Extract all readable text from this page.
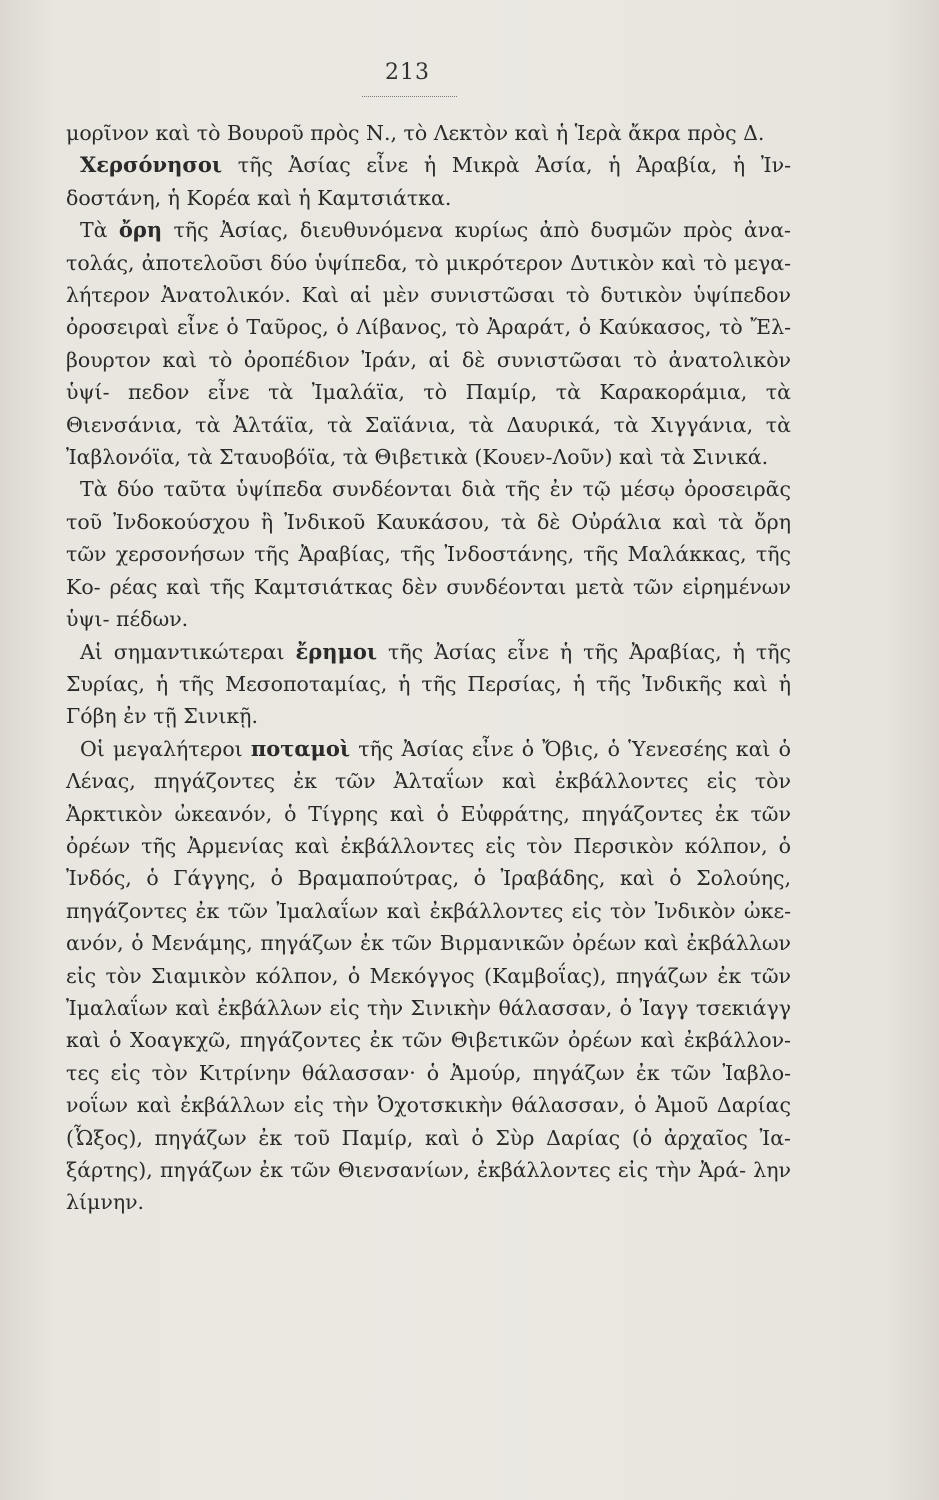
213

μορῖνον καὶ τὸ Βουροῦ πρὸς Ν., τὸ Λεκτὸν καὶ ἡ Ἱερὰ ἄκρα πρὸς Δ.

Χερσόνησοι τῆς Ἀσίας εἶνε ἡ Μικρὰ Ἀσία, ἡ Ἀραβία, ἡ Ἰν- δοστάνη, ἡ Κορέα καὶ ἡ Καμτσιάτκα.

Τὰ ὄρη τῆς Ἀσίας, διευθυνόμενα κυρίως ἀπὸ δυσμῶν πρὸς ἀνα- τολάς, ἀποτελοῦσι δύο ὑψίπεδα, τὸ μικρότερον Δυτικὸν καὶ τὸ μεγα- λήτερον Ἀνατολικόν. Καὶ αἱ μὲν συνιστῶσαι τὸ δυτικὸν ὑψίπεδον ὀροσειραὶ εἶνε ὁ Ταῦρος, ὁ Λίβανος, τὸ Ἀραράτ, ὁ Καύκασος, τὸ Ἔλ- βουρτον καὶ τὸ ὀροπέδιον Ἰράν, αἱ δὲ συνιστῶσαι τὸ ἀνατολικὸν ὑψί- πεδον εἶνε τὰ Ἰμαλάϊα, τὸ Παμίρ, τὰ Καρακοράμια, τὰ Θιενσάνια, τὰ Ἀλτάϊα, τὰ Σαϊάνια, τὰ Δαυρικά, τὰ Χιγγάνια, τὰ Ἰαβλονόϊα, τὰ Σταυοβόϊα, τὰ Θιβετικὰ (Κουεν-Λοῦν) καὶ τὰ Σινικά.

Τὰ δύο ταῦτα ὑψίπεδα συνδέονται διὰ τῆς ἐν τῷ μέσῳ ὀροσειρᾶς τοῦ Ἰνδοκούσχου ἢ Ἰνδικοῦ Καυκάσου, τὰ δὲ Οὐράλια καὶ τὰ ὄρη τῶν χερσονήσων τῆς Ἀραβίας, τῆς Ἰνδοστάνης, τῆς Μαλάκκας, τῆς Κο- ρέας καὶ τῆς Καμτσιάτκας δὲν συνδέονται μετὰ τῶν εἰρημένων ὑψι- πέδων.

Αἱ σημαντικώτεραι ἔρημοι τῆς Ἀσίας εἶνε ἡ τῆς Ἀραβίας, ἡ τῆς Συρίας, ἡ τῆς Μεσοποταμίας, ἡ τῆς Περσίας, ἡ τῆς Ἰνδικῆς καὶ ἡ Γόβη ἐν τῇ Σινικῇ.

Οἱ μεγαλήτεροι ποταμοὶ τῆς Ἀσίας εἶνε ὁ Ὄβις, ὁ Ὑενεσέης καὶ ὁ Λένας, πηγάζοντες ἐκ τῶν Ἀλταΐων καὶ ἐκβάλλοντες εἰς τὸν Ἀρκτικὸν ὠκεανόν, ὁ Τίγρης καὶ ὁ Εὐφράτης, πηγάζοντες ἐκ τῶν ὀρέων τῆς Ἀρμενίας καὶ ἐκβάλλοντες εἰς τὸν Περσικὸν κόλπον, ὁ Ἰνδός, ὁ Γάγγης, ὁ Βραμαπούτρας, ὁ Ἰραβάδης, καὶ ὁ Σολούης, πηγάζοντες ἐκ τῶν Ἰμαλαΐων καὶ ἐκβάλλοντες εἰς τὸν Ἰνδικὸν ὠκε- ανόν, ὁ Μενάμης, πηγάζων ἐκ τῶν Βιρμανικῶν ὀρέων καὶ ἐκβάλλων εἰς τὸν Σιαμικὸν κόλπον, ὁ Μεκόγγος (Καμβοΐας), πηγάζων ἐκ τῶν Ἰμαλαΐων καὶ ἐκβάλλων εἰς τὴν Σινικὴν θάλασσαν, ὁ Ἰαγγ τσεκιάγγ καὶ ὁ Χοαγκχῶ, πηγάζοντες ἐκ τῶν Θιβετικῶν ὀρέων καὶ ἐκβάλλον- τες εἰς τὸν Κιτρίνην θάλασσαν· ὁ Ἀμούρ, πηγάζων ἐκ τῶν Ἰαβλο- νοΐων καὶ ἐκβάλλων εἰς τὴν Ὀχοτσκικὴν θάλασσαν, ὁ Ἀμοῦ Δαρίας (Ὦξος), πηγάζων ἐκ τοῦ Παμίρ, καὶ ὁ Σὺρ Δαρίας (ὁ ἀρχαῖος Ἰα- ξάρτης), πηγάζων ἐκ τῶν Θιενσανίων, ἐκβάλλοντες εἰς τὴν Ἀρά- λην λίμνην.
